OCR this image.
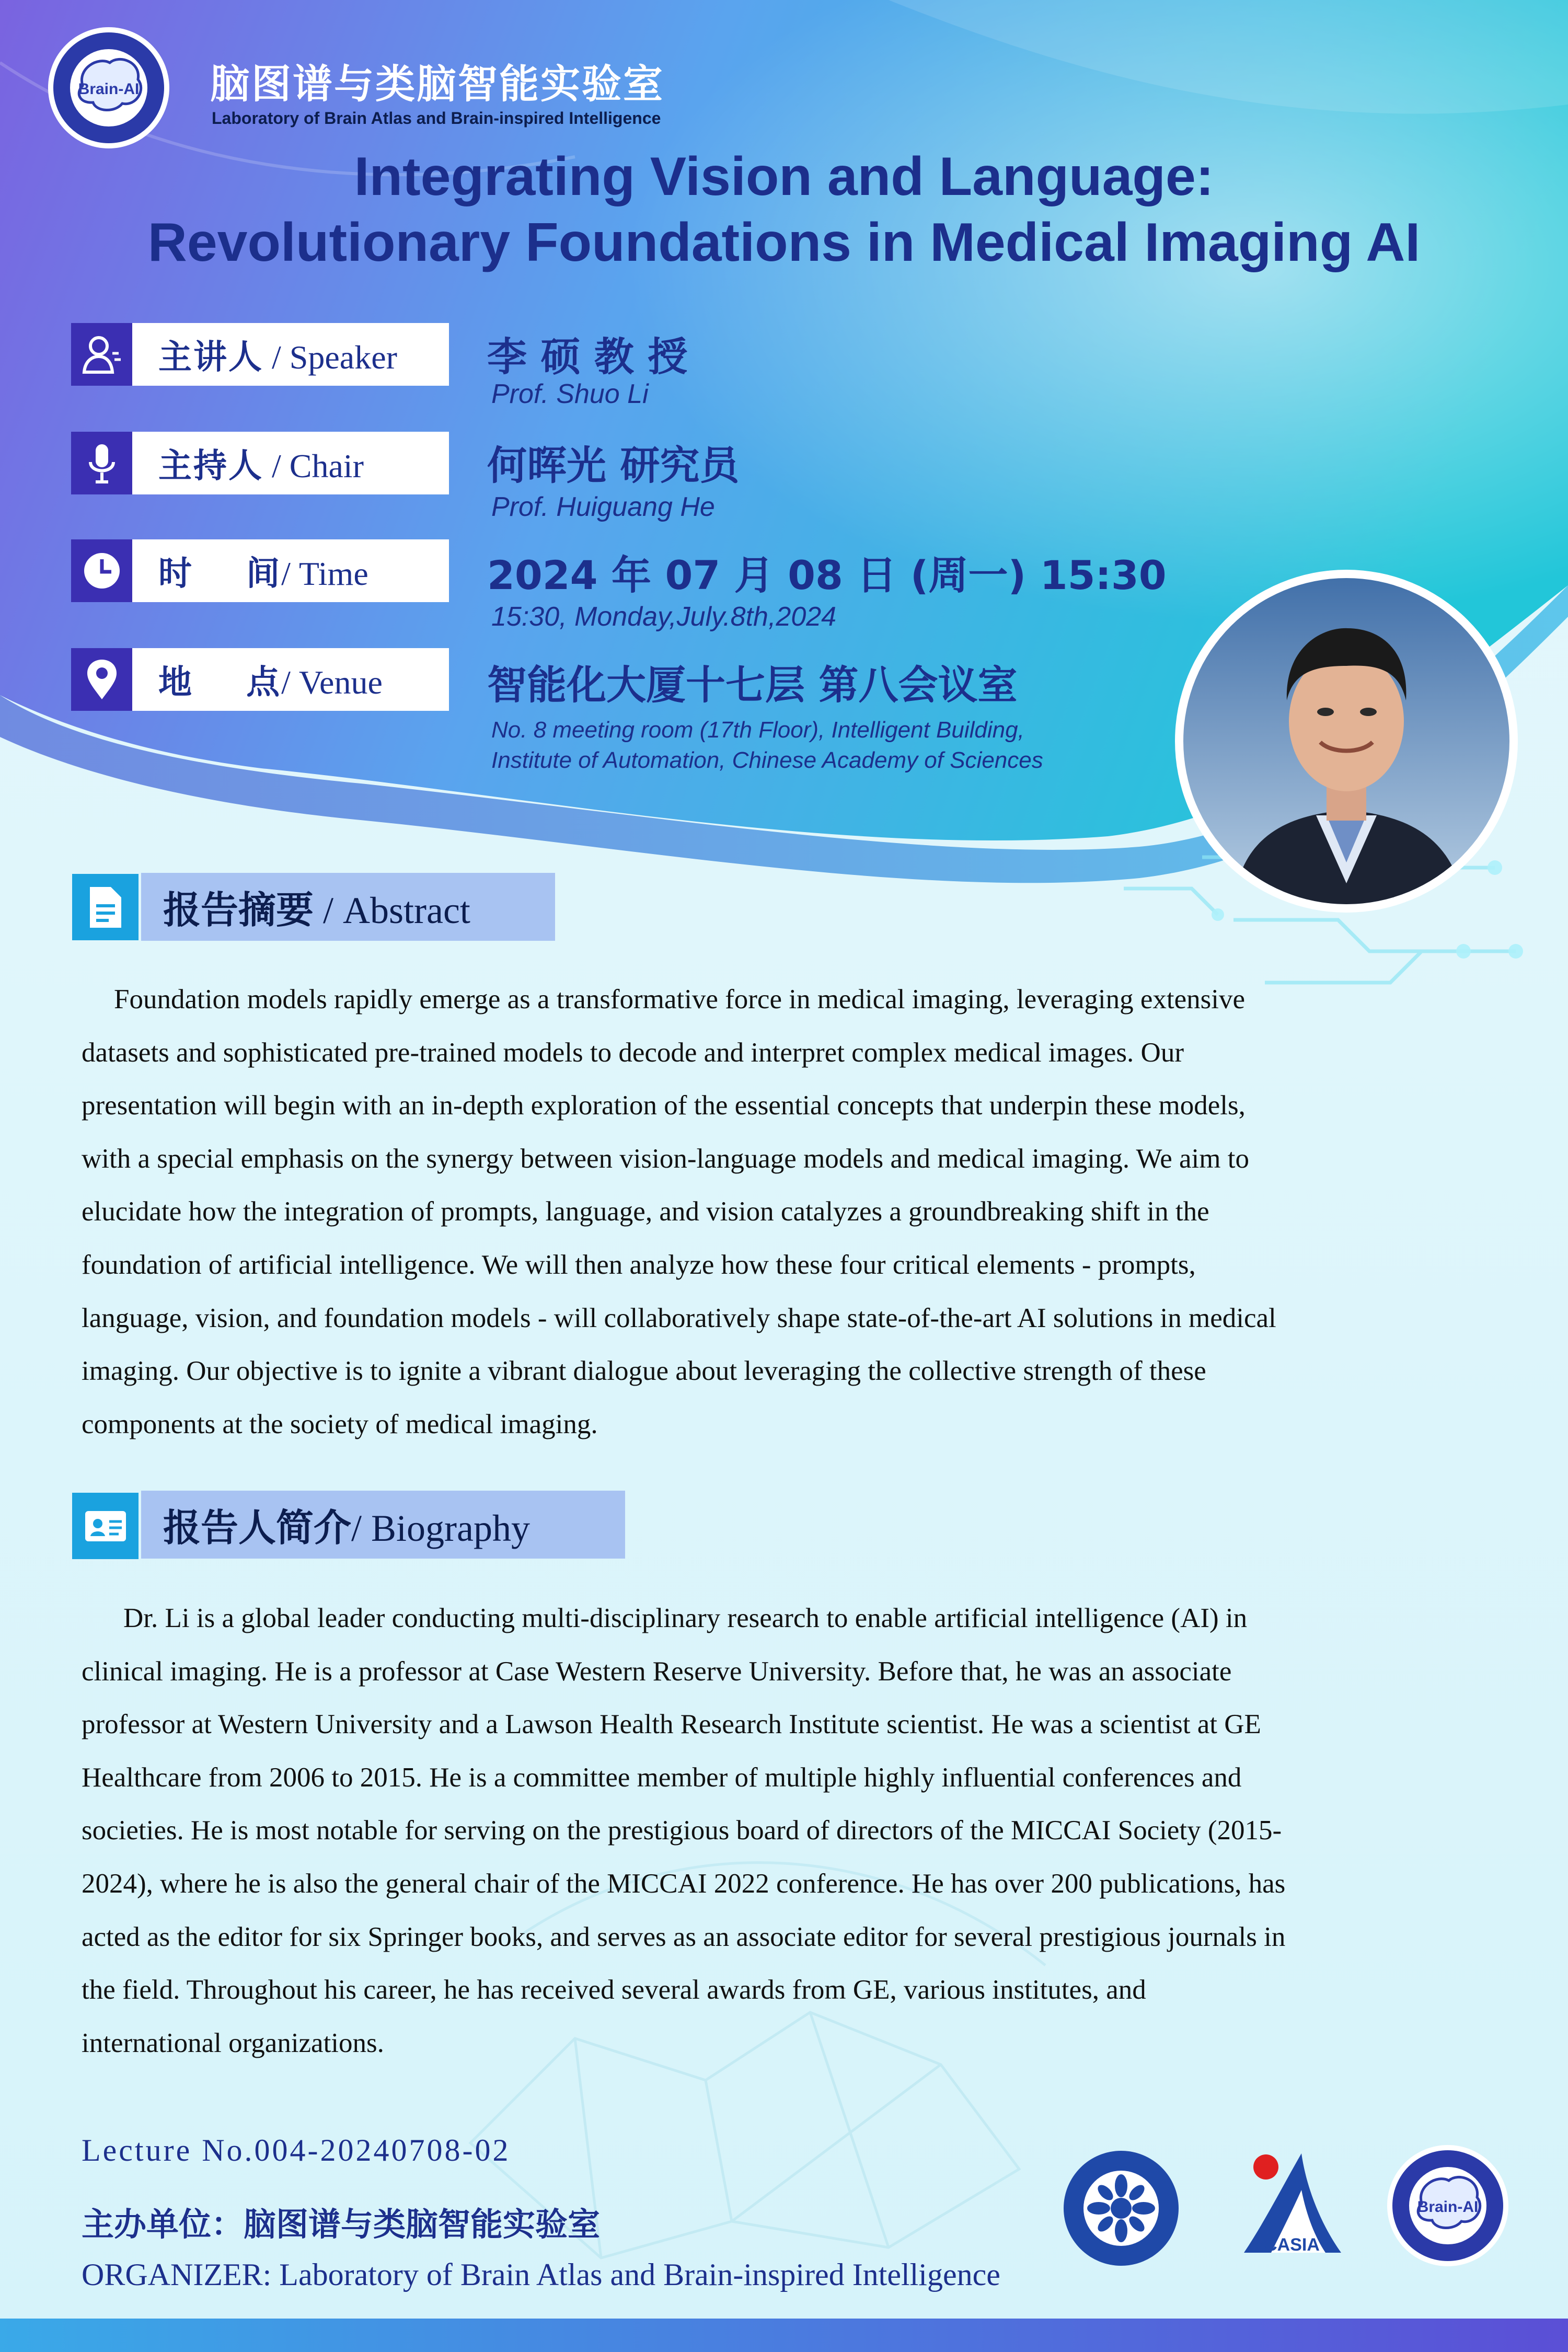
Brain-AI 脑图谱与类脑智能实验室
Laboratory of Brain Atlas and Brain-inspired Intelligence
Integrating Vision and Language:
Revolutionary Foundations in Medical Imaging AI
主讲人 / Speaker 李 硕 教 授
Prof. Shuo Li
主持人 / Chair	何晖光 研究员
Prof. Huiguang He
时    间/ Time	2024 年 07 月 08 日 (周一) 15:30
15:30, Monday,July.8th,2024
地    点/ Venue	智能化大厦十七层 第八会议室
No. 8 meeting room (17th Floor), Intelligent Building,
Institute of Automation, Chinese Academy of Sciences
报告摘要 / Abstract
Foundation models rapidly emerge as a transformative force in medical imaging, leveraging extensive
datasets and sophisticated pre-trained models to decode and interpret complex medical images. Our
presentation will begin with an in-depth exploration of the essential concepts that underpin these models,
with a special emphasis on the synergy between vision-language models and medical imaging. We aim to
elucidate how the integration of prompts, language, and vision catalyzes a groundbreaking shift in the
foundation of artificial intelligence. We will then analyze how these four critical elements - prompts,
language, vision, and foundation models - will collaboratively shape state-of-the-art AI solutions in medical
imaging. Our objective is to ignite a vibrant dialogue about leveraging the collective strength of these
components at the society of medical imaging.
报告人简介/ Biography
Dr. Li is a global leader conducting multi-disciplinary research to enable artificial intelligence (AI) in
clinical imaging. He is a professor at Case Western Reserve University. Before that, he was an associate
professor at Western University and a Lawson Health Research Institute scientist. He was a scientist at GE
Healthcare from 2006 to 2015. He is a committee member of multiple highly influential conferences and
societies. He is most notable for serving on the prestigious board of directors of the MICCAI Society (2015-
2024), where he is also the general chair of the MICCAI 2022 conference. He has over 200 publications, has
acted as the editor for six Springer books, and serves as an associate editor for several prestigious journals in
the field. Throughout his career, he has received several awards from GE, various institutes, and
international organizations.
Lecture No.004-20240708-02
主办单位：脑图谱与类脑智能实验室
ORGANIZER: Laboratory of Brain Atlas and Brain-inspired Intelligence
CASIA
Brain-AI
